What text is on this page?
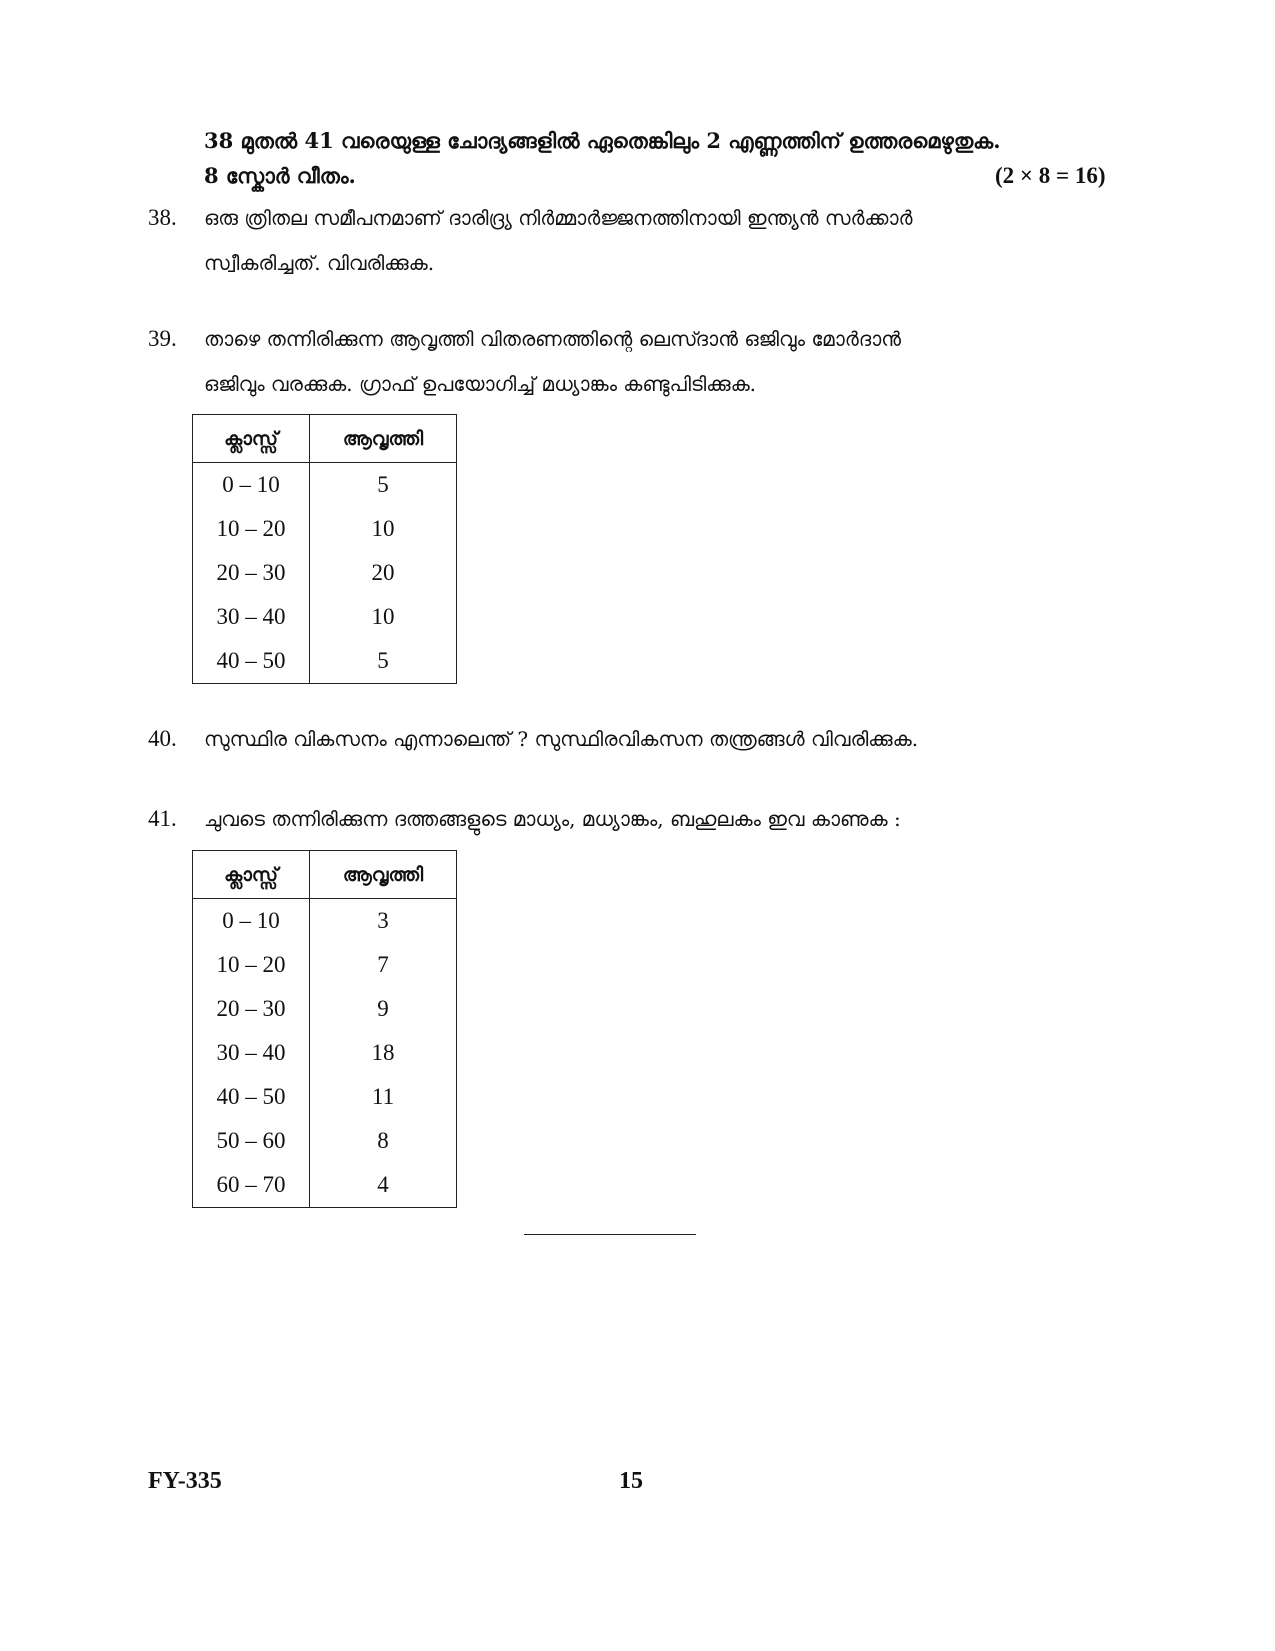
38 മുതൽ 41 വരെയുള്ള ചോദ്യങ്ങളിൽ ഏതെങ്കിലും 2 എണ്ണത്തിന് ഉത്തരമെഴുതുക.
8 സ്കോർ വീതം.	(2 × 8 = 16)
38.	ഒരു ത്രിതല സമീപനമാണ് ദാരിദ്ര്യ നിർമ്മാർജ്ജനത്തിനായി ഇന്ത്യൻ സർക്കാർ
സ്വീകരിച്ചത്. വിവരിക്കുക.
39.	താഴെ തന്നിരിക്കുന്ന ആവൃത്തി വിതരണത്തിന്റെ ലെസ്ദാൻ ഒജിവും മോർദാൻ
ഒജിവും വരക്കുക. ഗ്രാഫ് ഉപയോഗിച്ച് മധ്യാങ്കം കണ്ടുപിടിക്കുക.
ക്ലാസ്സ്	ആവൃത്തി
0 – 10	5
10 – 20	10
20 – 30	20
30 – 40	10
40 – 50	5
40.	സുസ്ഥിര വികസനം എന്നാലെന്ത് ? സുസ്ഥിരവികസന തന്ത്രങ്ങൾ വിവരിക്കുക.
41.	ചുവടെ തന്നിരിക്കുന്ന ദത്തങ്ങളുടെ മാധ്യം, മധ്യാങ്കം, ബഹുലകം ഇവ കാണുക :
ക്ലാസ്സ്	ആവൃത്തി
0 – 10	3
10 – 20	7
20 – 30	9
30 – 40	18
40 – 50	11
50 – 60	8
60 – 70	4
FY-335	15
